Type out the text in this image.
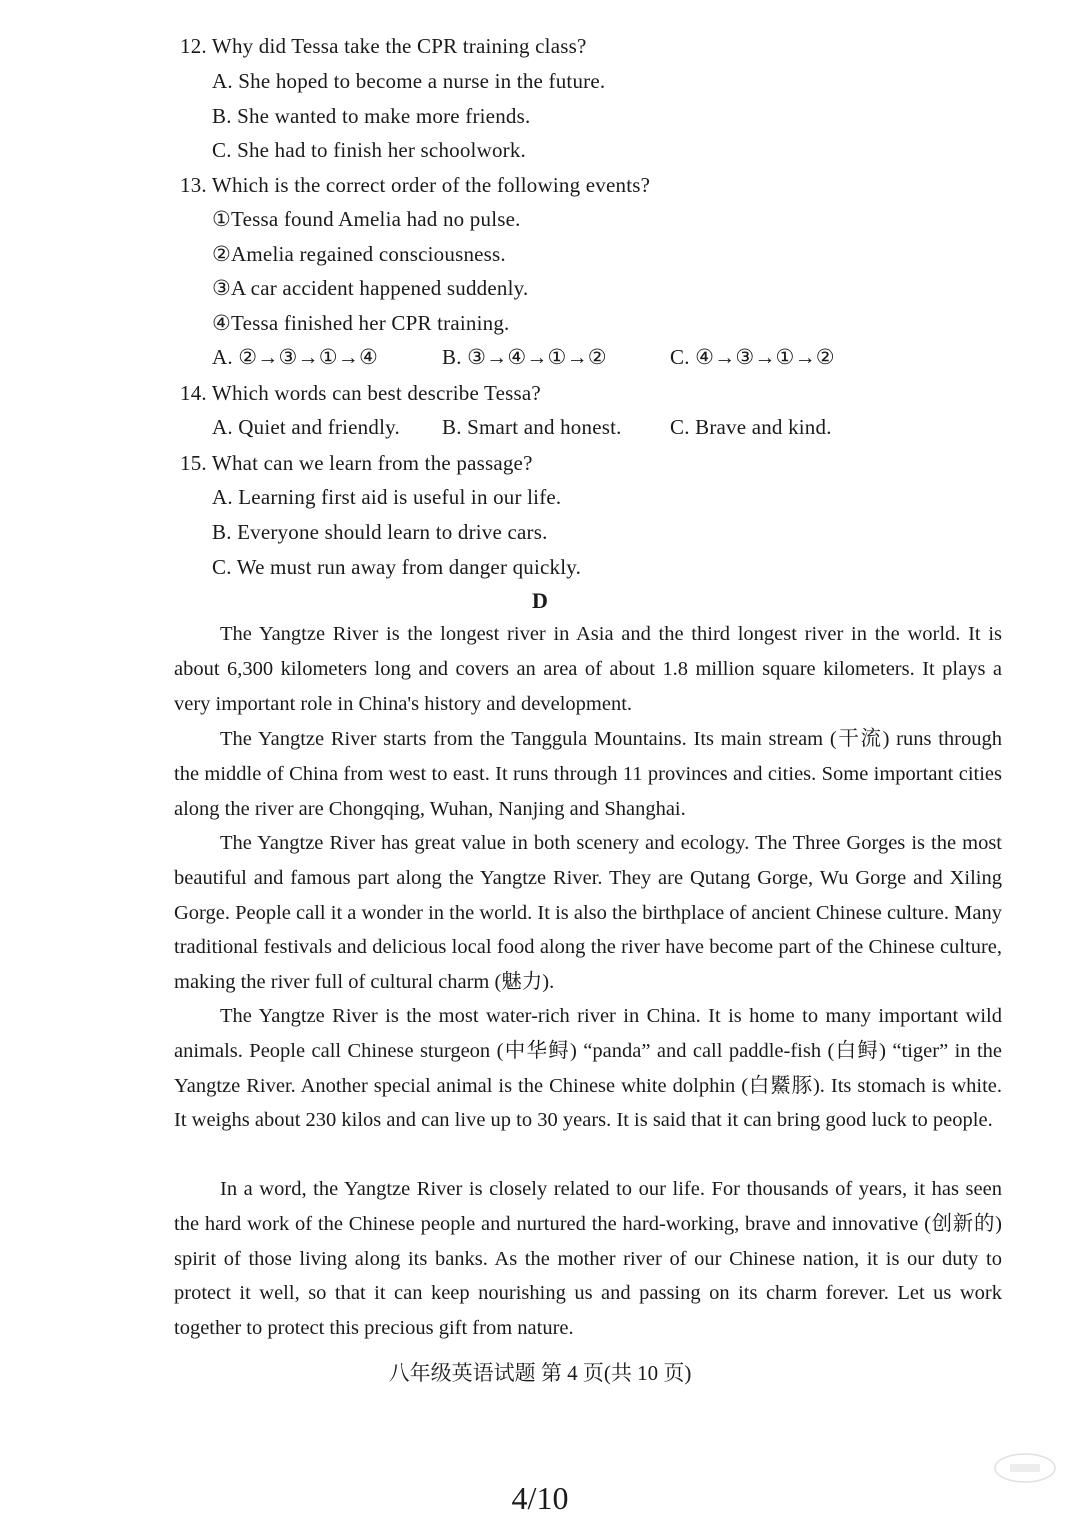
12. Why did Tessa take the CPR training class?
A. She hoped to become a nurse in the future.
B. She wanted to make more friends.
C. She had to finish her schoolwork.
13. Which is the correct order of the following events?
①Tessa found Amelia had no pulse.
②Amelia regained consciousness.
③A car accident happened suddenly.
④Tessa finished her CPR training.
A. ②→③→①→④	B. ③→④→①→②	C. ④→③→①→②
14. Which words can best describe Tessa?
A. Quiet and friendly.	B. Smart and honest.	C. Brave and kind.
15. What can we learn from the passage?
A. Learning first aid is useful in our life.
B. Everyone should learn to drive cars.
C. We must run away from danger quickly.
D
The Yangtze River is the longest river in Asia and the third longest river in the world. It is about 6,300 kilometers long and covers an area of about 1.8 million square kilometers. It plays a very important role in China's history and development.
The Yangtze River starts from the Tanggula Mountains. Its main stream (干流) runs through the middle of China from west to east. It runs through 11 provinces and cities. Some important cities along the river are Chongqing, Wuhan, Nanjing and Shanghai.
The Yangtze River has great value in both scenery and ecology. The Three Gorges is the most beautiful and famous part along the Yangtze River. They are Qutang Gorge, Wu Gorge and Xiling Gorge. People call it a wonder in the world. It is also the birthplace of ancient Chinese culture. Many traditional festivals and delicious local food along the river have become part of the Chinese culture, making the river full of cultural charm (魅力).
The Yangtze River is the most water-rich river in China. It is home to many important wild animals. People call Chinese sturgeon (中华鲟) “panda” and call paddle-fish (白鲟) “tiger” in the Yangtze River. Another special animal is the Chinese white dolphin (白鱀豚). Its stomach is white. It weighs about 230 kilos and can live up to 30 years. It is said that it can bring good luck to people.
In a word, the Yangtze River is closely related to our life. For thousands of years, it has seen the hard work of the Chinese people and nurtured the hard-working, brave and innovative (创新的) spirit of those living along its banks. As the mother river of our Chinese nation, it is our duty to protect it well, so that it can keep nourishing us and passing on its charm forever. Let us work together to protect this precious gift from nature.
八年级英语试题 第 4 页(共 10 页)
4/10
